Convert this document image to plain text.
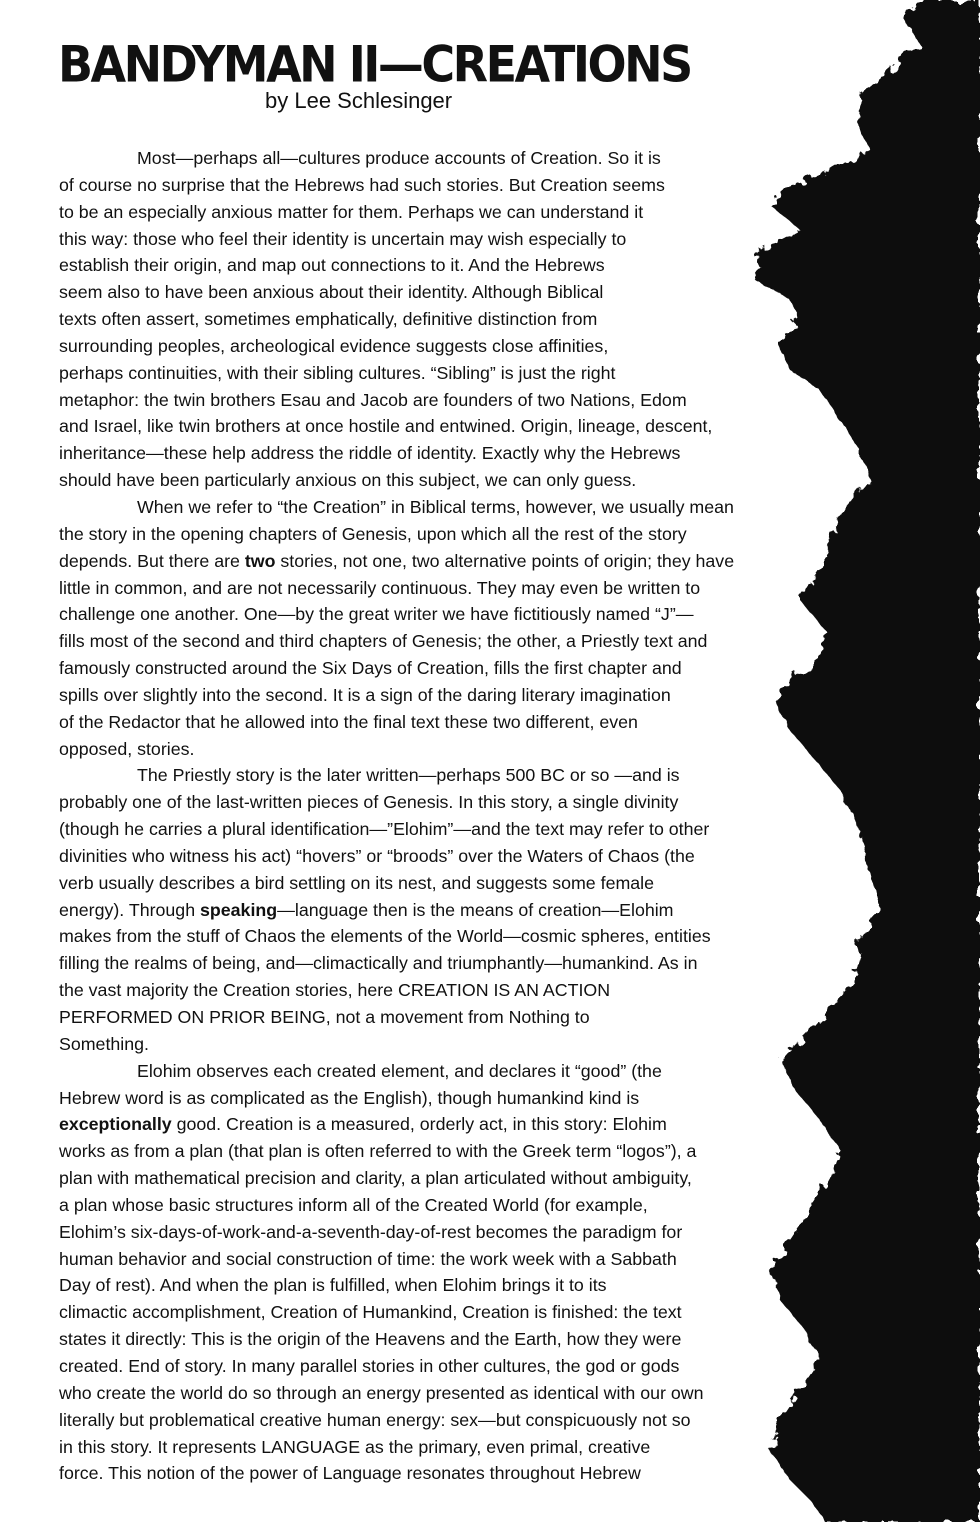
BANDYMAN II—CREATIONS
by Lee Schlesinger
Most—perhaps all—cultures produce accounts of Creation. So it is
of course no surprise that the Hebrews had such stories. But Creation seems
to be an especially anxious matter for them. Perhaps we can understand it
this way: those who feel their identity is uncertain may wish especially to
establish their origin, and map out connections to it. And the Hebrews
seem also to have been anxious about their identity. Although Biblical
texts often assert, sometimes emphatically, definitive distinction from
surrounding peoples, archeological evidence suggests close affinities,
perhaps continuities, with their sibling cultures. “Sibling” is just the right
metaphor: the twin brothers Esau and Jacob are founders of two Nations, Edom
and Israel, like twin brothers at once hostile and entwined. Origin, lineage, descent,
inheritance—these help address the riddle of identity. Exactly why the Hebrews
should have been particularly anxious on this subject, we can only guess.
When we refer to “the Creation” in Biblical terms, however, we usually mean
the story in the opening chapters of Genesis, upon which all the rest of the story
depends. But there are two stories, not one, two alternative points of origin; they have
little in common, and are not necessarily continuous. They may even be written to
challenge one another. One—by the great writer we have fictitiously named “J”—
fills most of the second and third chapters of Genesis; the other, a Priestly text and
famously constructed around the Six Days of Creation, fills the first chapter and
spills over slightly into the second. It is a sign of the daring literary imagination
of the Redactor that he allowed into the final text these two different, even
opposed, stories.
The Priestly story is the later written—perhaps 500 BC or so —and is
probably one of the last-written pieces of Genesis. In this story, a single divinity
(though he carries a plural identification—”Elohim”—and the text may refer to other
divinities who witness his act) “hovers” or “broods” over the Waters of Chaos (the
verb usually describes a bird settling on its nest, and suggests some female
energy). Through speaking—language then is the means of creation—Elohim
makes from the stuff of Chaos the elements of the World—cosmic spheres, entities
filling the realms of being, and—climactically and triumphantly—humankind. As in
the vast majority the Creation stories, here CREATION IS AN ACTION
PERFORMED ON PRIOR BEING, not a movement from Nothing to
Something.
Elohim observes each created element, and declares it “good” (the
Hebrew word is as complicated as the English), though humankind kind is
exceptionally good. Creation is a measured, orderly act, in this story: Elohim
works as from a plan (that plan is often referred to with the Greek term “logos”), a
plan with mathematical precision and clarity, a plan articulated without ambiguity,
a plan whose basic structures inform all of the Created World (for example,
Elohim’s six-days-of-work-and-a-seventh-day-of-rest becomes the paradigm for
human behavior and social construction of time: the work week with a Sabbath
Day of rest). And when the plan is fulfilled, when Elohim brings it to its
climactic accomplishment, Creation of Humankind, Creation is finished: the text
states it directly: This is the origin of the Heavens and the Earth, how they were
created. End of story. In many parallel stories in other cultures, the god or gods
who create the world do so through an energy presented as identical with our own
literally but problematical creative human energy: sex—but conspicuously not so
in this story. It represents LANGUAGE as the primary, even primal, creative
force. This notion of the power of Language resonates throughout Hebrew
